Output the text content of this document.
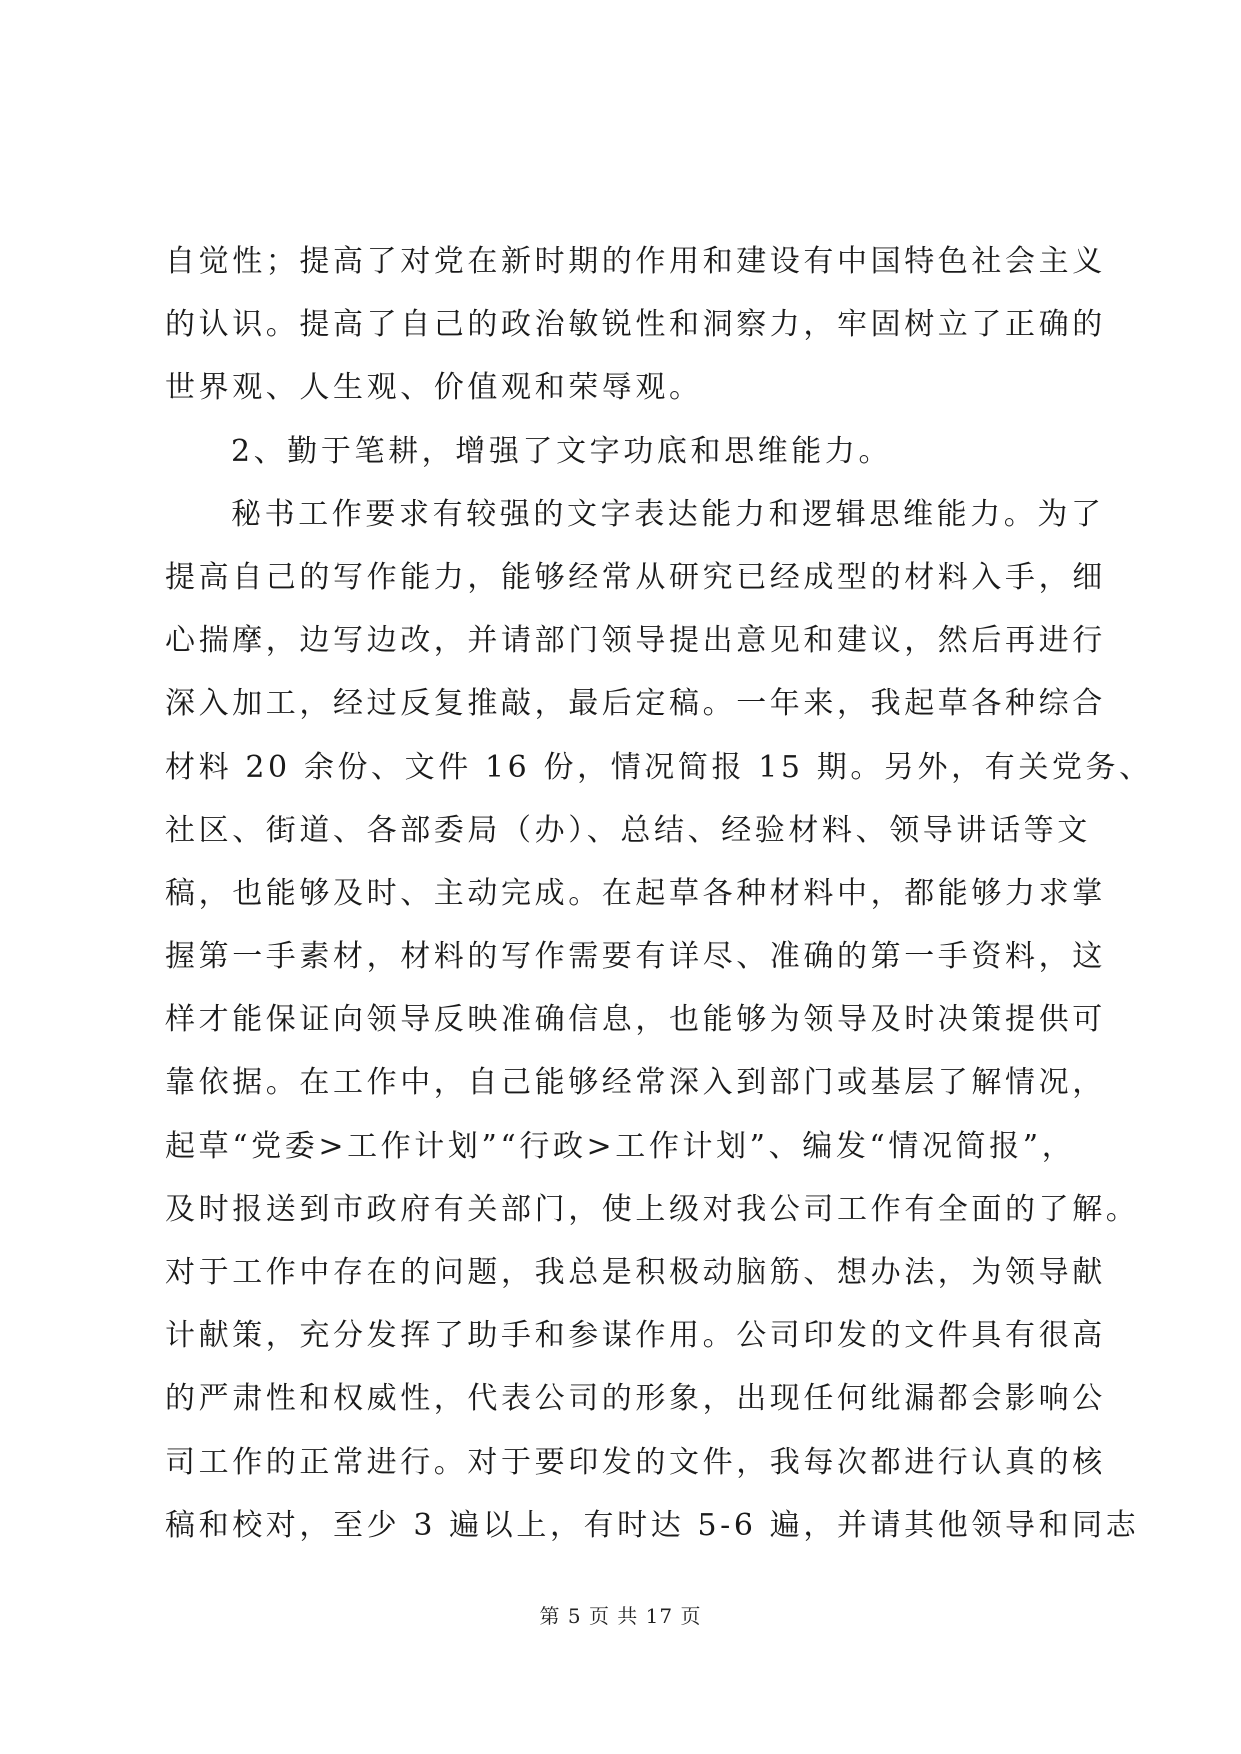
自觉性；提高了对党在新时期的作用和建设有中国特色社会主义
的认识。提高了自己的政治敏锐性和洞察力，牢固树立了正确的
世界观、人生观、价值观和荣辱观。
2、勤于笔耕，增强了文字功底和思维能力。
秘书工作要求有较强的文字表达能力和逻辑思维能力。为了
提高自己的写作能力，能够经常从研究已经成型的材料入手，细
心揣摩，边写边改，并请部门领导提出意见和建议，然后再进行
深入加工，经过反复推敲，最后定稿。一年来，我起草各种综合
材料 20 余份、文件 16 份，情况简报 15 期。另外，有关党务、
社区、街道、各部委局（办）、总结、经验材料、领导讲话等文
稿，也能够及时、主动完成。在起草各种材料中，都能够力求掌
握第一手素材，材料的写作需要有详尽、准确的第一手资料，这
样才能保证向领导反映准确信息，也能够为领导及时决策提供可
靠依据。在工作中，自己能够经常深入到部门或基层了解情况，
起草“党委>工作计划”“行政>工作计划”、编发“情况简报”，
及时报送到市政府有关部门，使上级对我公司工作有全面的了解。
对于工作中存在的问题，我总是积极动脑筋、想办法，为领导献
计献策，充分发挥了助手和参谋作用。公司印发的文件具有很高
的严肃性和权威性，代表公司的形象，出现任何纰漏都会影响公
司工作的正常进行。对于要印发的文件，我每次都进行认真的核
稿和校对，至少 3 遍以上，有时达 5-6 遍，并请其他领导和同志
第 5 页 共 17 页
